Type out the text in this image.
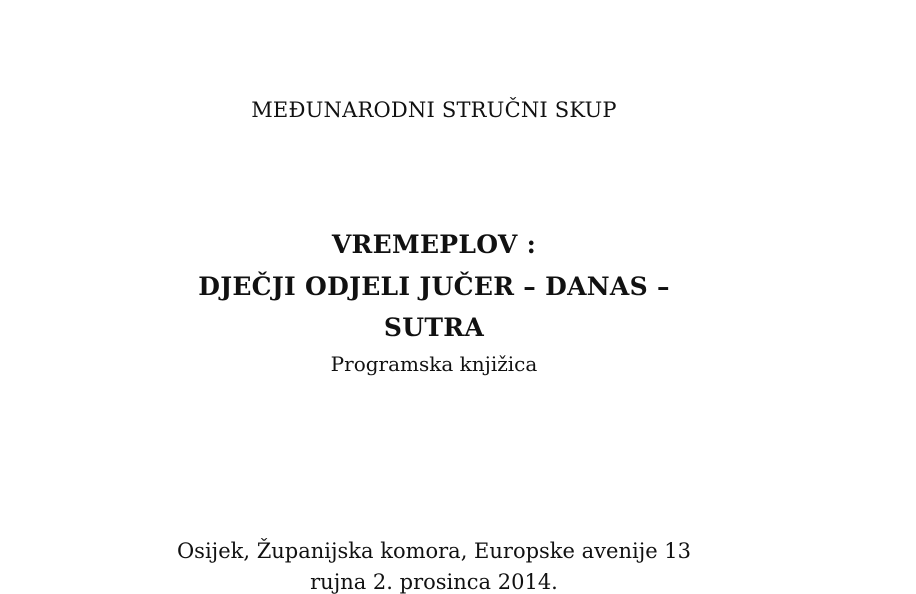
MEĐUNARODNI STRUČNI SKUP
VREMEPLOV :
DJEČJI ODJELI JUČER – DANAS –
SUTRA
Programska knjižica
Osijek, Županijska komora, Europske avenije 13
rujna 2. prosinca 2014.
